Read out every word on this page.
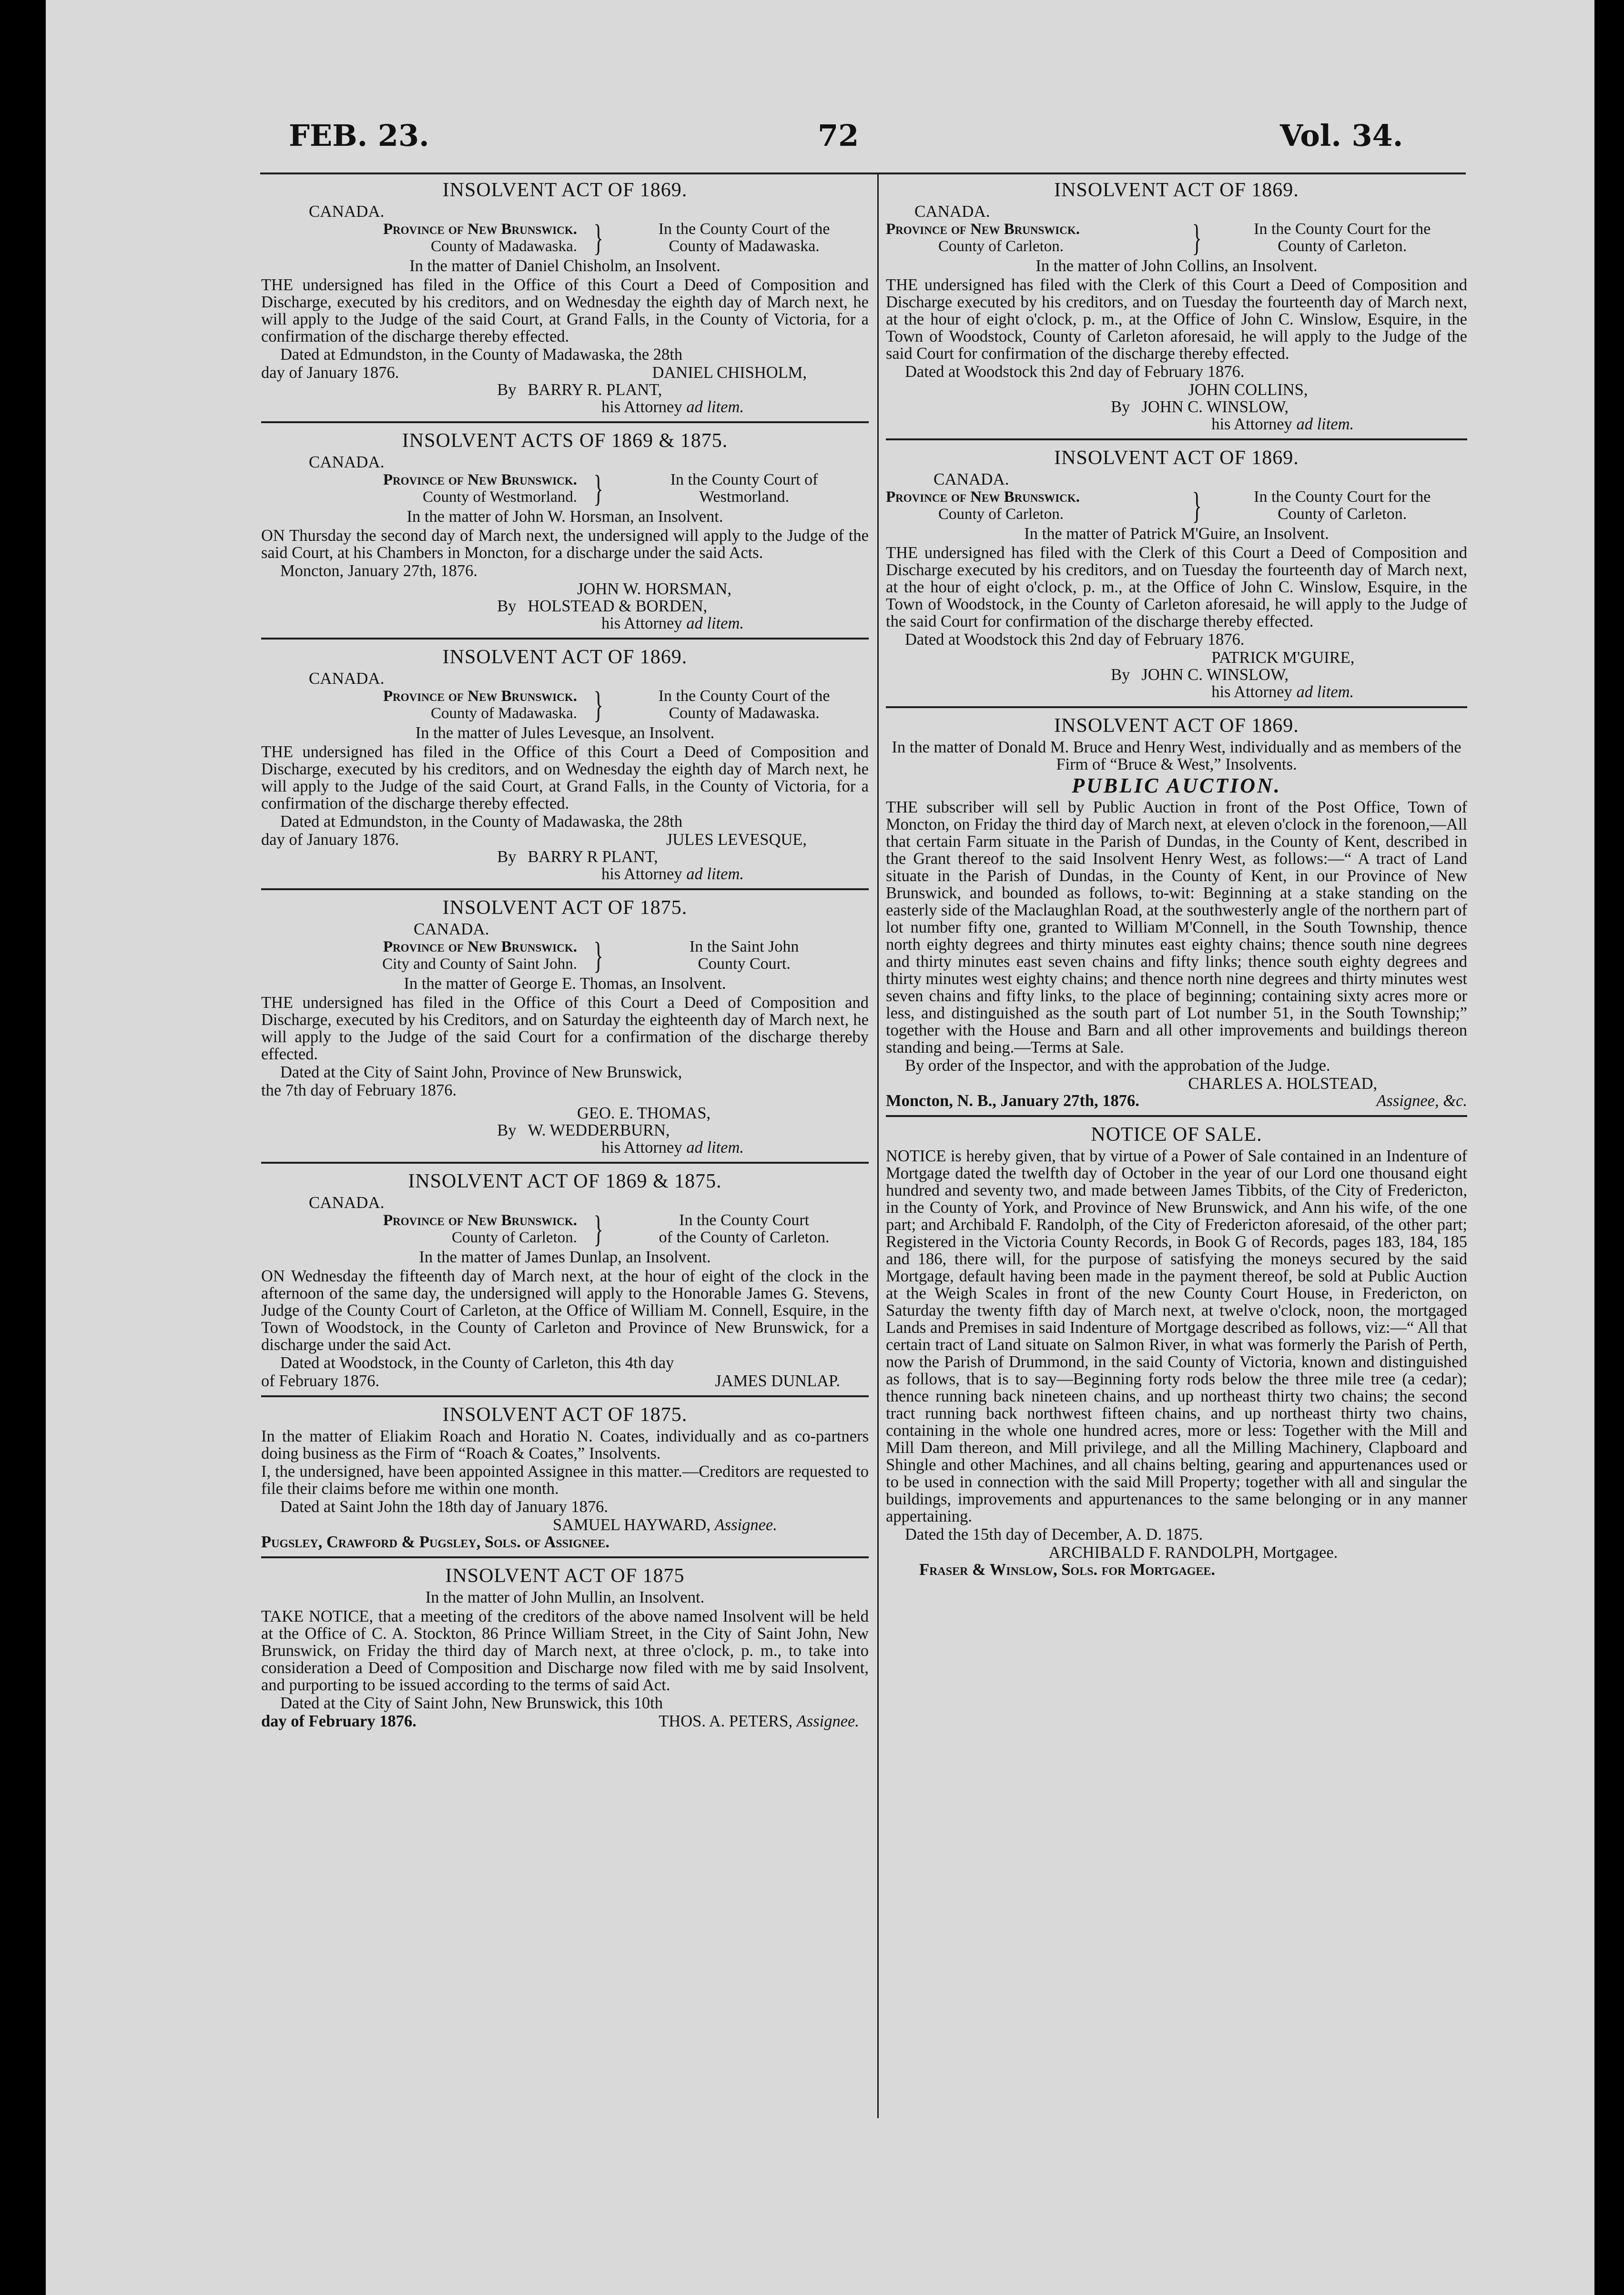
FEB. 23.	72	Vol. 34.
INSOLVENT ACT OF 1869.
CANADA.
Province of New Brunswick.
County of Madawaska. }	In the County Court of the
County of Madawaska.
In the matter of Daniel Chisholm, an Insolvent.

THE undersigned has filed in the Office of this Court a Deed of Composition and Discharge, executed by his creditors, and on Wednesday the eighth day of March next, he will apply to the Judge of the said Court, at Grand Falls, in the County of Victoria, for a confirmation of the discharge thereby effected.

Dated at Edmundston, in the County of Madawaska, the 28th
day of January 1876.	DANIEL CHISHOLM,
By BARRY R. PLANT,
his Attorney ad litem.
INSOLVENT ACTS OF 1869 & 1875.
CANADA.
Province of New Brunswick.
County of Westmorland. }	In the County Court of
Westmorland.
In the matter of John W. Horsman, an Insolvent.

ON Thursday the second day of March next, the undersigned will apply to the Judge of the said Court, at his Chambers in Moncton, for a discharge under the said Acts.

Moncton, January 27th, 1876.
JOHN W. HORSMAN,
By HOLSTEAD & BORDEN,
his Attorney ad litem.
INSOLVENT ACT OF 1869.
CANADA.
Province of New Brunswick.
County of Madawaska. }	In the County Court of the
County of Madawaska.
In the matter of Jules Levesque, an Insolvent.

THE undersigned has filed in the Office of this Court a Deed of Composition and Discharge, executed by his creditors, and on Wednesday the eighth day of March next, he will apply to the Judge of the said Court, at Grand Falls, in the County of Victoria, for a confirmation of the discharge thereby effected.

Dated at Edmundston, in the County of Madawaska, the 28th
day of January 1876.	JULES LEVESQUE,
By BARRY R PLANT,
his Attorney ad litem.
INSOLVENT ACT OF 1875.
CANADA.
Province of New Brunswick.
City and County of Saint John. }	In the Saint John
County Court.
In the matter of George E. Thomas, an Insolvent.

THE undersigned has filed in the Office of this Court a Deed of Composition and Discharge, executed by his Creditors, and on Saturday the eighteenth day of March next, he will apply to the Judge of the said Court for a confirmation of the discharge thereby effected.

Dated at the City of Saint John, Province of New Brunswick,
the 7th day of February 1876.
GEO. E. THOMAS,
By W. WEDDERBURN,
his Attorney ad litem.
INSOLVENT ACT OF 1869 & 1875.
CANADA.
Province of New Brunswick.
County of Carleton. }	In the County Court
of the County of Carleton.
In the matter of James Dunlap, an Insolvent.

ON Wednesday the fifteenth day of March next, at the hour of eight of the clock in the afternoon of the same day, the undersigned will apply to the Honorable James G. Stevens, Judge of the County Court of Carleton, at the Office of William M. Connell, Esquire, in the Town of Woodstock, in the County of Carleton and Province of New Brunswick, for a discharge under the said Act.

Dated at Woodstock, in the County of Carleton, this 4th day
of February 1876.	JAMES DUNLAP.
INSOLVENT ACT OF 1875.

In the matter of Eliakim Roach and Horatio N. Coates, individually and as co-partners doing business as the Firm of “Roach & Coates,” Insolvents.

I, the undersigned, have been appointed Assignee in this matter.—Creditors are requested to file their claims before me within one month.

Dated at Saint John the 18th day of January 1876.
SAMUEL HAYWARD, Assignee.
Pugsley, Crawford & Pugsley, Sols. of Assignee.
INSOLVENT ACT OF 1875
In the matter of John Mullin, an Insolvent.

TAKE NOTICE, that a meeting of the creditors of the above named Insolvent will be held at the Office of C. A. Stockton, 86 Prince William Street, in the City of Saint John, New Brunswick, on Friday the third day of March next, at three o'clock, p. m., to take into consideration a Deed of Composition and Discharge now filed with me by said Insolvent, and purporting to be issued according to the terms of said Act.

Dated at the City of Saint John, New Brunswick, this 10th
day of February 1876.	THOS. A. PETERS, Assignee.
INSOLVENT ACT OF 1869.
CANADA.
Province of New Brunswick.
County of Carleton.	}	In the County Court for the
County of Carleton.
In the matter of John Collins, an Insolvent.

THE undersigned has filed with the Clerk of this Court a Deed of Composition and Discharge executed by his creditors, and on Tuesday the fourteenth day of March next, at the hour of eight o'clock, p. m., at the Office of John C. Winslow, Esquire, in the Town of Woodstock, County of Carleton aforesaid, he will apply to the Judge of the said Court for confirmation of the discharge thereby effected.

Dated at Woodstock this 2nd day of February 1876.
JOHN COLLINS,
By JOHN C. WINSLOW,
his Attorney ad litem.
INSOLVENT ACT OF 1869.
CANADA.
Province of New Brunswick.
County of Carleton.	}	In the County Court for the
County of Carleton.
In the matter of Patrick M'Guire, an Insolvent.

THE undersigned has filed with the Clerk of this Court a Deed of Composition and Discharge executed by his creditors, and on Tuesday the fourteenth day of March next, at the hour of eight o'clock, p. m., at the Office of John C. Winslow, Esquire, in the Town of Woodstock, in the County of Carleton aforesaid, he will apply to the Judge of the said Court for confirmation of the discharge thereby effected.

Dated at Woodstock this 2nd day of February 1876.
PATRICK M'GUIRE,
By JOHN C. WINSLOW,
his Attorney ad litem.
INSOLVENT ACT OF 1869.
In the matter of Donald M. Bruce and Henry West, individually and as members of the Firm of “Bruce & West,” Insolvents.
PUBLIC AUCTION.

THE subscriber will sell by Public Auction in front of the Post Office, Town of Moncton, on Friday the third day of March next, at eleven o'clock in the forenoon,—All that certain Farm situate in the Parish of Dundas, in the County of Kent, described in the Grant thereof to the said Insolvent Henry West, as follows:—“ A tract of Land situate in the Parish of Dundas, in the County of Kent, in our Province of New Brunswick, and bounded as follows, to-wit: Beginning at a stake standing on the easterly side of the Maclaughlan Road, at the southwesterly angle of the northern part of lot number fifty one, granted to William M'Connell, in the South Township, thence north eighty degrees and thirty minutes east eighty chains; thence south nine degrees and thirty minutes east seven chains and fifty links; thence south eighty degrees and thirty minutes west eighty chains; and thence north nine degrees and thirty minutes west seven chains and fifty links, to the place of beginning; containing sixty acres more or less, and distinguished as the south part of Lot number 51, in the South Township;” together with the House and Barn and all other improvements and buildings thereon standing and being.—Terms at Sale.

By order of the Inspector, and with the approbation of the Judge.
CHARLES A. HOLSTEAD,
Moncton, N. B., January 27th, 1876.	Assignee, &c.
NOTICE OF SALE.

NOTICE is hereby given, that by virtue of a Power of Sale contained in an Indenture of Mortgage dated the twelfth day of October in the year of our Lord one thousand eight hundred and seventy two, and made between James Tibbits, of the City of Fredericton, in the County of York, and Province of New Brunswick, and Ann his wife, of the one part; and Archibald F. Randolph, of the City of Fredericton aforesaid, of the other part; Registered in the Victoria County Records, in Book G of Records, pages 183, 184, 185 and 186, there will, for the purpose of satisfying the moneys secured by the said Mortgage, default having been made in the payment thereof, be sold at Public Auction at the Weigh Scales in front of the new County Court House, in Fredericton, on Saturday the twenty fifth day of March next, at twelve o'clock, noon, the mortgaged Lands and Premises in said Indenture of Mortgage described as follows, viz:—“ All that certain tract of Land situate on Salmon River, in what was formerly the Parish of Perth, now the Parish of Drummond, in the said County of Victoria, known and distinguished as follows, that is to say—Beginning forty rods below the three mile tree (a cedar); thence running back nineteen chains, and up northeast thirty two chains; the second tract running back northwest fifteen chains, and up northeast thirty two chains, containing in the whole one hundred acres, more or less: Together with the Mill and Mill Dam thereon, and Mill privilege, and all the Milling Machinery, Clapboard and Shingle and other Machines, and all chains belting, gearing and appurtenances used or to be used in connection with the said Mill Property; together with all and singular the buildings, improvements and appurtenances to the same belonging or in any manner appertaining.

Dated the 15th day of December, A. D. 1875.
ARCHIBALD F. RANDOLPH, Mortgagee.
Fraser & Winslow, Sols. for Mortgagee.
